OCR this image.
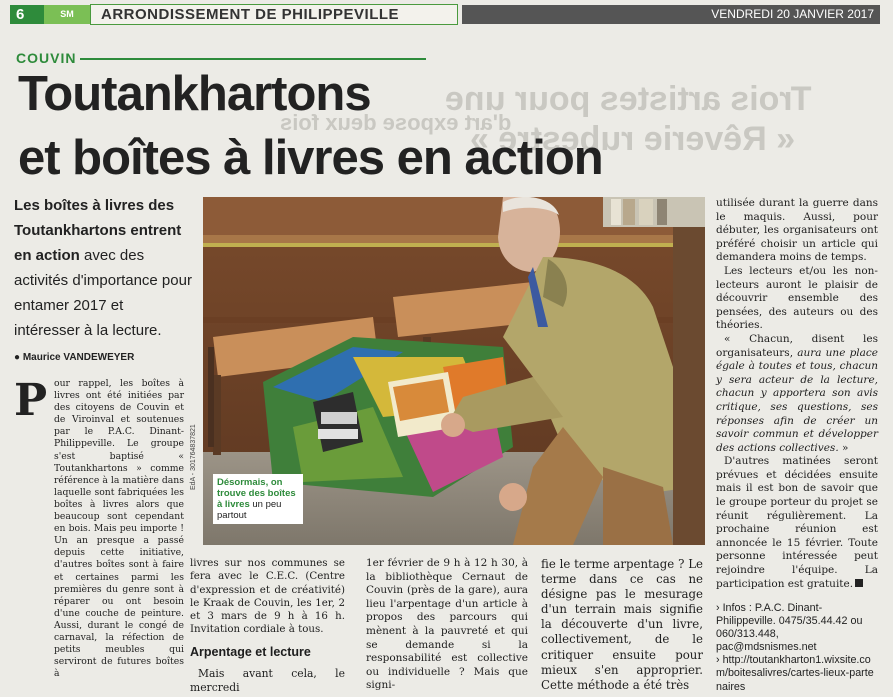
6	SM	ARRONDISSEMENT DE PHILIPPEVILLE	VENDREDI 20 JANVIER 2017
Trois artistes pour une
« Rêverie rubestre »
d'art expose deux fois
COUVIN
Toutankhartons
et boîtes à livres en action
Les boîtes à livres des Toutankhartons entrent en action avec des activités d'importance pour entamer 2017 et intéresser à la lecture.
● Maurice VANDEWEYER
Désormais, on trouve des boîtes à livres un peu partout
EdA - 301764837821
P our rappel, les boîtes à livres ont été initiées par des citoyens de Couvin et de Viroinval et soutenues par le P.A.C. Dinant-Philippeville. Le groupe s'est baptisé « Toutankhartons » comme référence à la matière dans laquelle sont fabriquées les boîtes à livres alors que beaucoup sont cependant en bois. Mais peu importe ! Un an presque a passé depuis cette initiative, d'autres boîtes sont à faire et certaines parmi les premières du genre sont à réparer ou ont besoin d'une couche de peinture. Aussi, durant le congé de carnaval, la réfection de petits meubles qui serviront de futures boîtes à

livres sur nos communes se fera avec le C.E.C. (Centre d'expression et de créativité) le Kraak de Couvin, les 1er, 2 et 3 mars de 9 h à 16 h. Invitation cordiale à tous.

Arpentage et lecture

Mais avant cela, le mercredi

1er février de 9 h à 12 h 30, à la bibliothèque Cernaut de Couvin (près de la gare), aura lieu l'arpentage d'un article à propos des parcours qui mènent à la pauvreté et qui se demande si la responsabilité est collective ou individuelle ? Mais que signi-

fie le terme arpentage ? Le terme dans ce cas ne désigne pas le mesurage d'un terrain mais signifie la découverte d'un livre, collectivement, de le critiquer ensuite pour mieux s'en approprier. Cette méthode a été très

utilisée durant la guerre dans le maquis. Aussi, pour débuter, les organisateurs ont préféré choisir un article qui demandera moins de temps.

Les lecteurs et/ou les non-lecteurs auront le plaisir de découvrir ensemble des pensées, des auteurs ou des théories.

« Chacun, disent les organisateurs, aura une place égale à toutes et tous, chacun y sera acteur de la lecture, chacun y apportera son avis critique, ses questions, ses réponses afin de créer un savoir commun et développer des actions collectives. »

D'autres matinées seront prévues et décidées ensuite mais il est bon de savoir que le groupe porteur du projet se réunit régulièrement. La prochaine réunion est annoncée le 15 février. Toute personne intéressée peut rejoindre l'équipe. La participation est gratuite.

› Infos : P.A.C. Dinant-Philippeville. 0475/35.44.42 ou 060/313.448, pac@mdsnismes.net
› http://toutankharton1.wixsite.com/boitesalivres/cartes-lieux-partenaires
